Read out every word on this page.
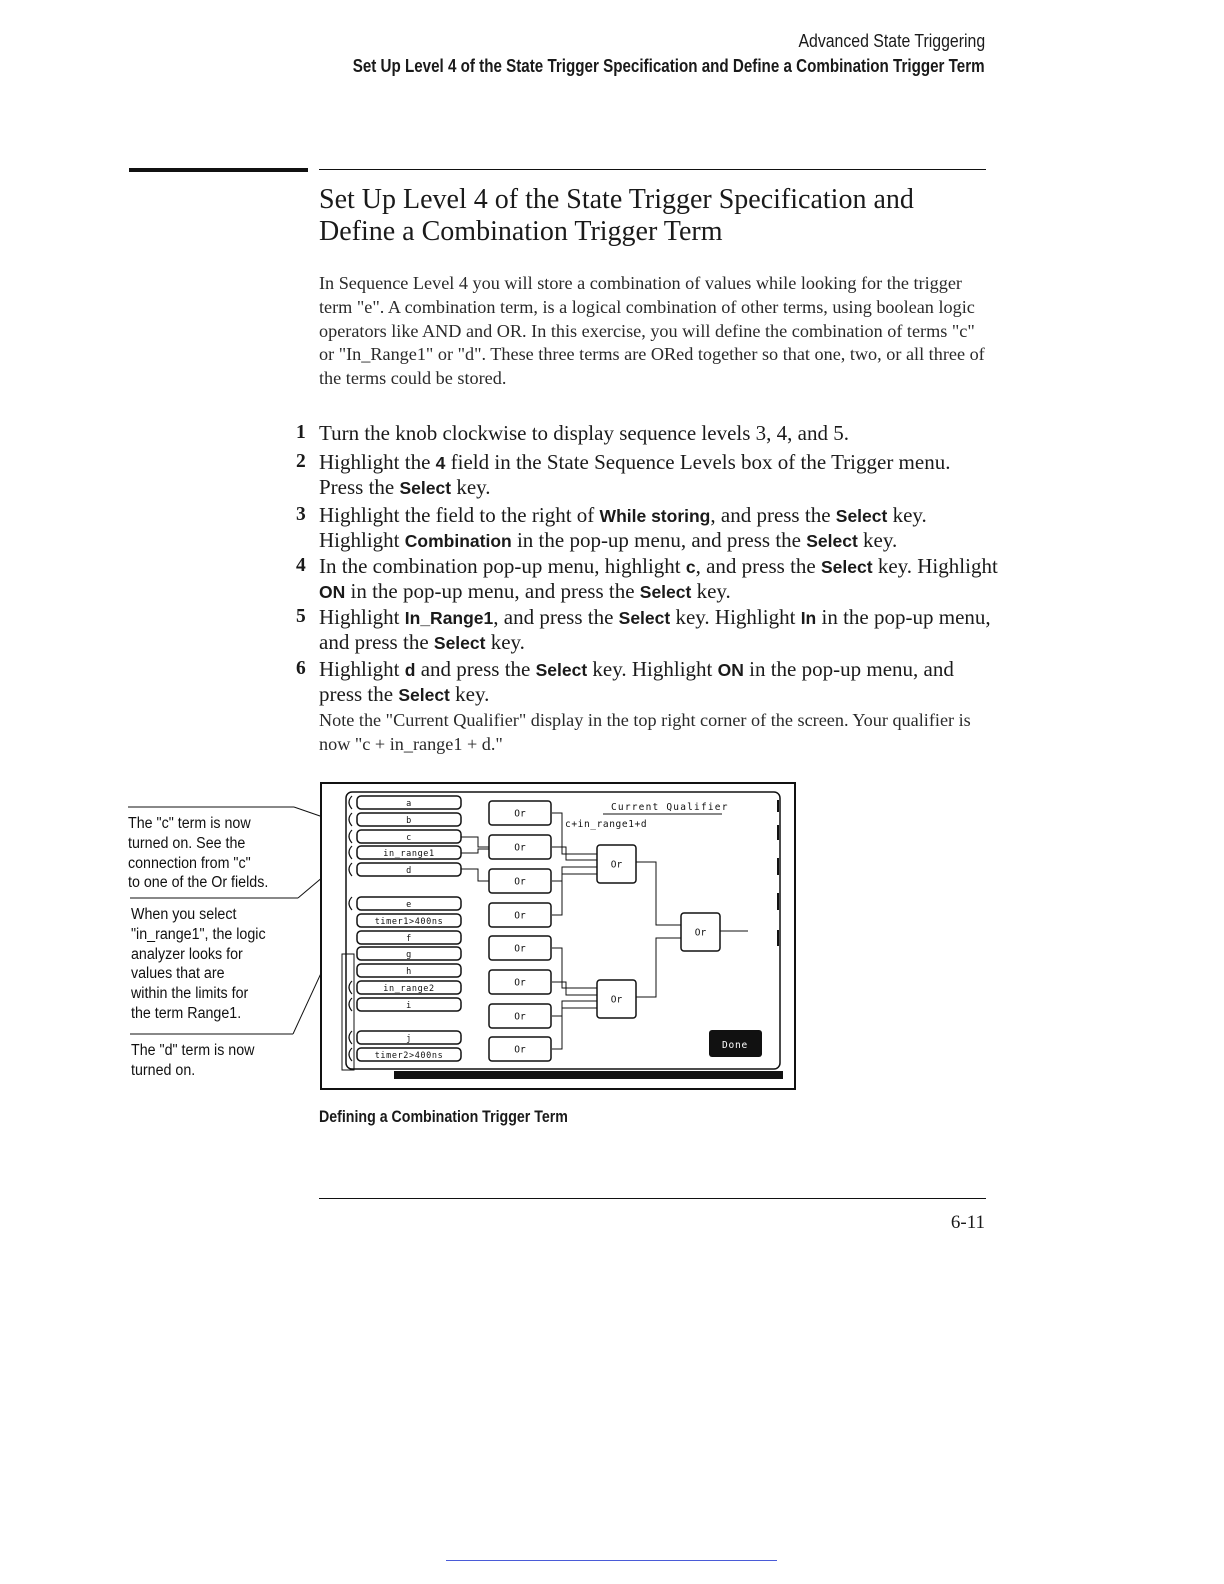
Advanced State Triggering
Set Up Level 4 of the State Trigger Specification and Define a Combination Trigger Term
Set Up Level 4 of the State Trigger Specification and
Define a Combination Trigger Term
In Sequence Level 4 you will store a combination of values while looking for the trigger term "e". A combination term, is a logical combination of other terms, using boolean logic operators like AND and OR. In this exercise, you will define the combination of terms "c" or "In_Range1" or "d". These three terms are ORed together so that one, two, or all three of the terms could be stored.
1 Turn the knob clockwise to display sequence levels 3, 4, and 5.
2 Highlight the 4 field in the State Sequence Levels box of the Trigger menu. Press the Select key.
3 Highlight the field to the right of While storing, and press the Select key. Highlight Combination in the pop-up menu, and press the Select key.
4 In the combination pop-up menu, highlight c, and press the Select key. Highlight ON in the pop-up menu, and press the Select key.
5 Highlight In_Range1, and press the Select key. Highlight In in the pop-up menu, and press the Select key.
6 Highlight d and press the Select key. Highlight ON in the pop-up menu, and press the Select key.
Note the "Current Qualifier" display in the top right corner of the screen. Your qualifier is now "c + in_range1 + d."
The "c" term is now
turned on. See the
connection from "c"
to one of the Or fields.
When you select
"in_range1", the logic
analyzer looks for
values that are
within the limits for
the term Range1.
The "d" term is now
turned on.
a
b
c
in_range1
d
e
timer1>400ns
f
g
h
in_range2
i
j
timer2>400ns
Or
Or
Or
Or
Or
Or
Or
Or
Or
Or
Or
Current Qualifier
c+in_range1+d
Done
Defining a Combination Trigger Term
6-11
